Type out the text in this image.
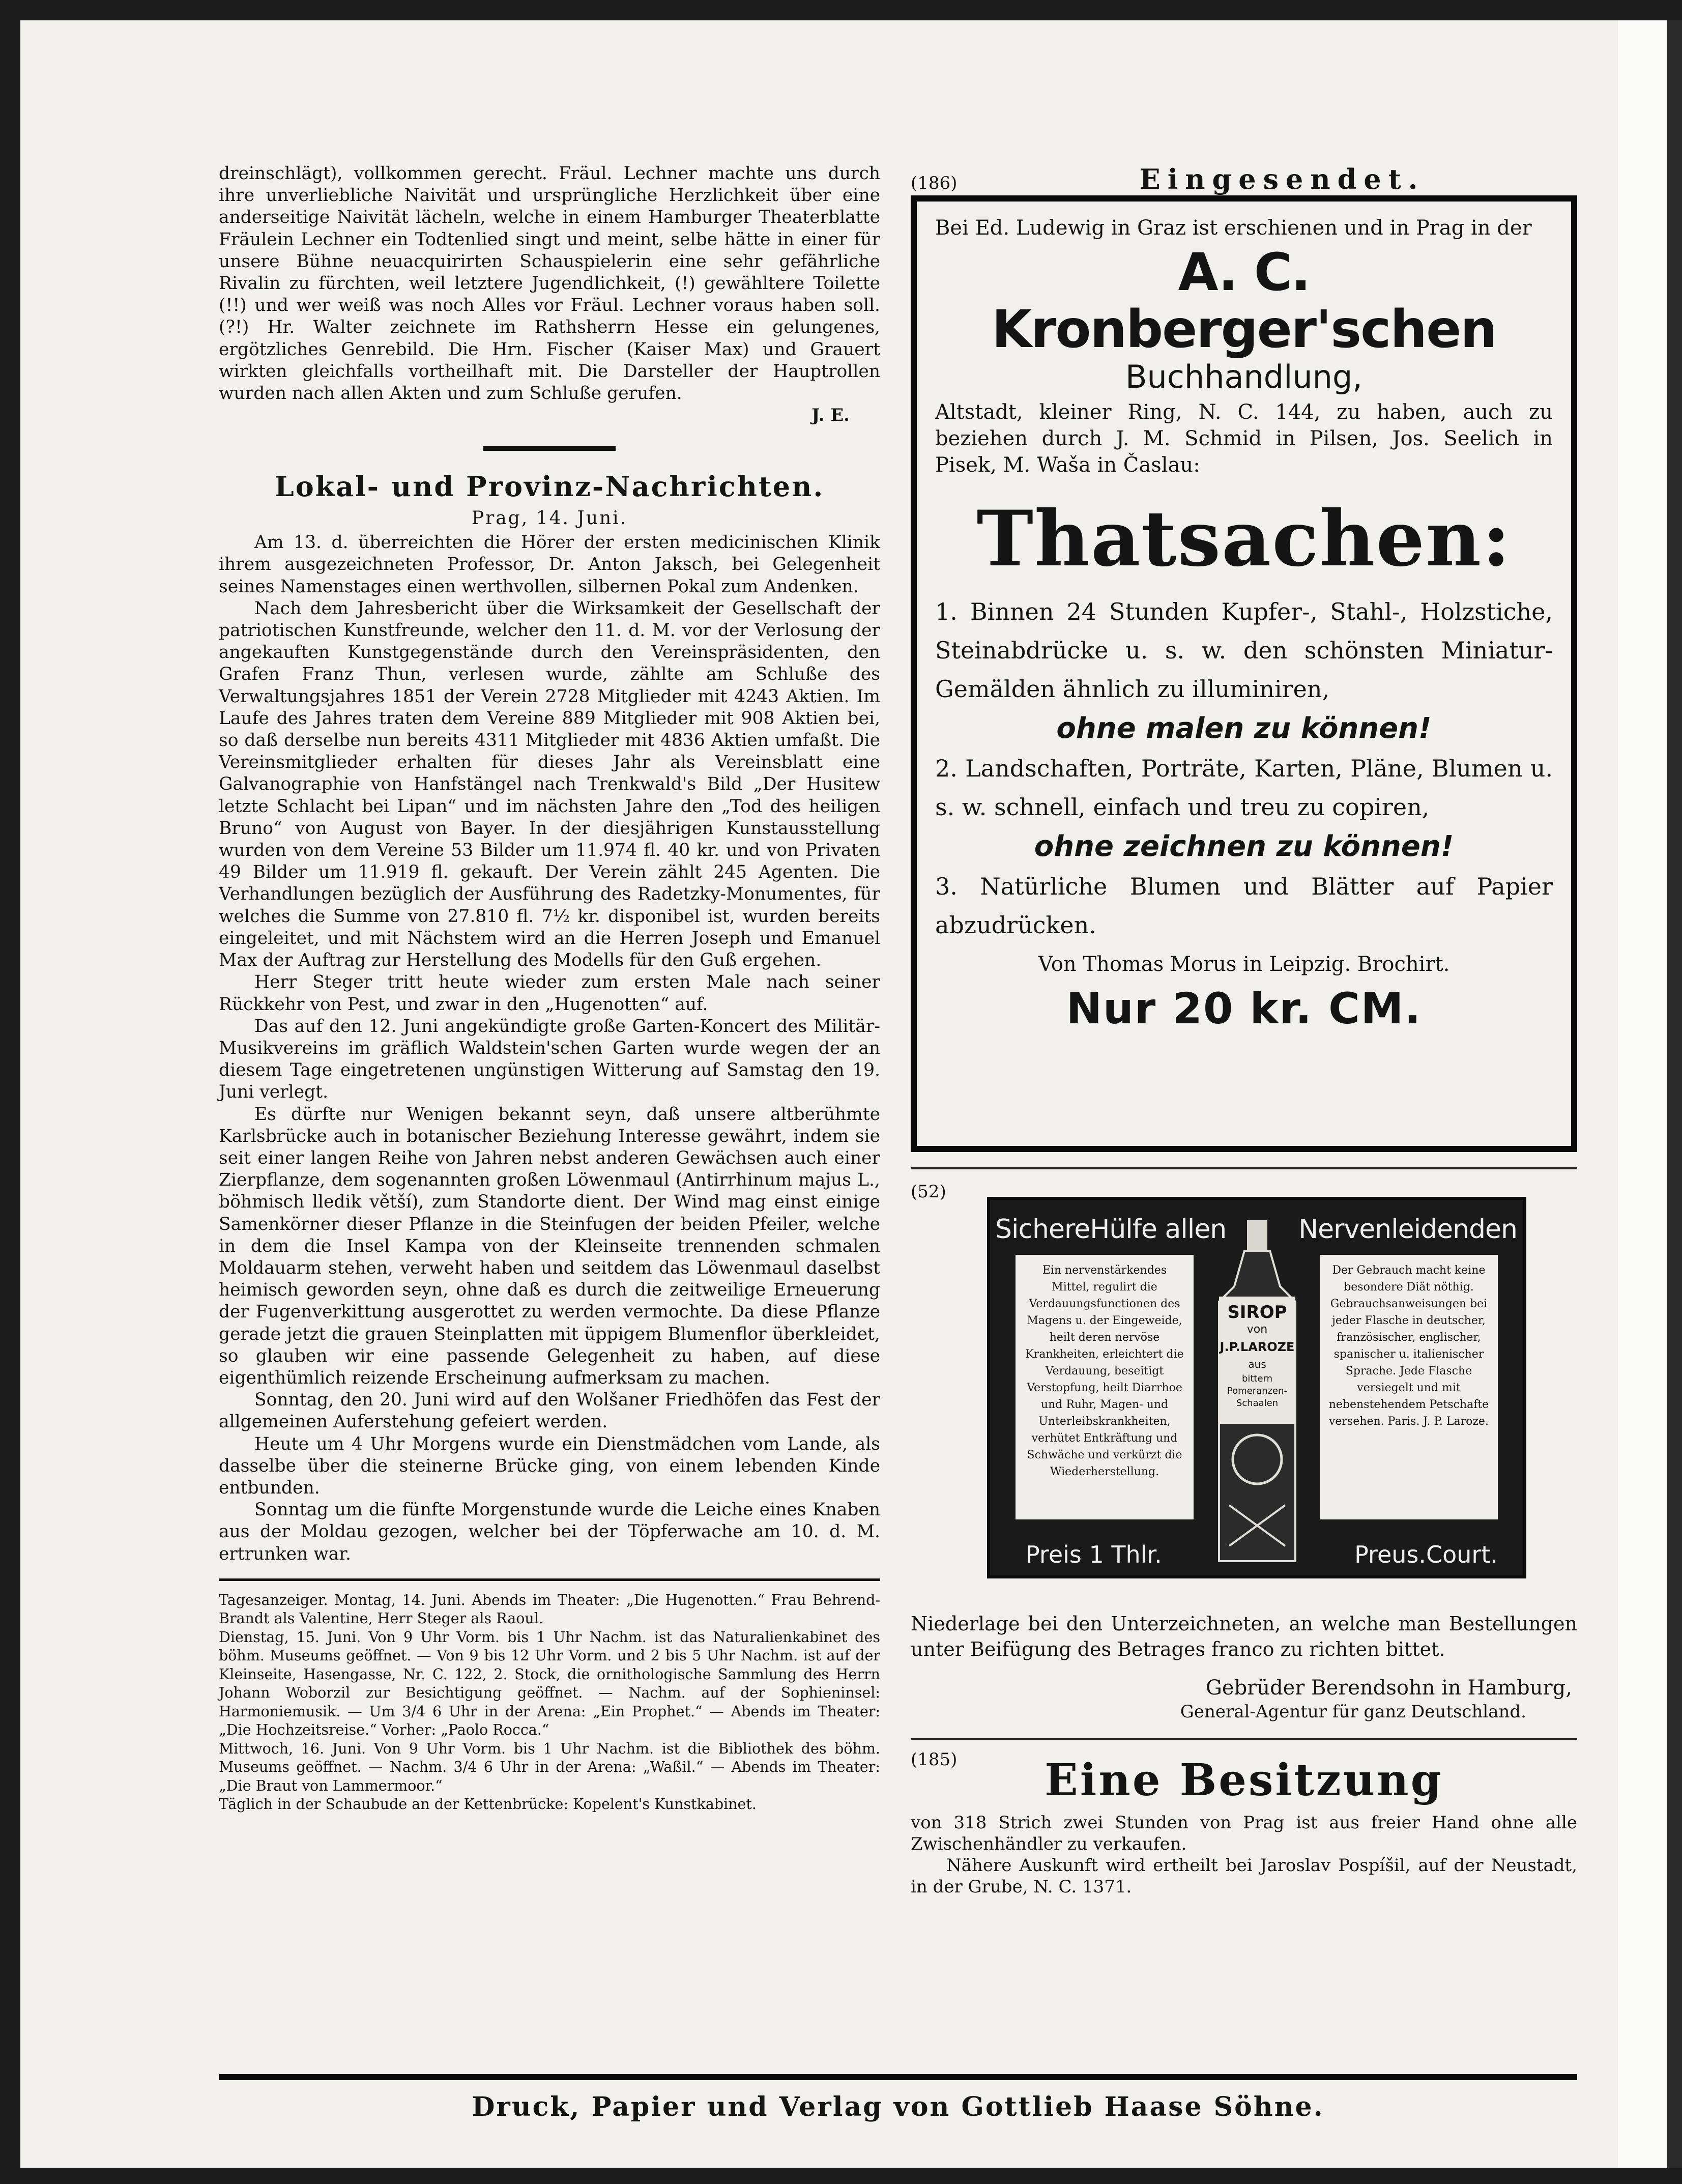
dreinschlägt), vollkommen gerecht. Fräul. Lechner machte uns durch ihre unverliebliche Naivität und ursprüngliche Herzlichkeit über eine anderseitige Naivität lächeln, welche in einem Hamburger Theaterblatte Fräulein Lechner ein Todtenlied singt und meint, selbe hätte in einer für unsere Bühne neuacquirirten Schauspielerin eine sehr gefährliche Rivalin zu fürchten, weil letztere Jugendlichkeit, (!) gewähltere Toilette (!!) und wer weiß was noch Alles vor Fräul. Lechner voraus haben soll. (?!) Hr. Walter zeichnete im Rathsherrn Hesse ein gelungenes, ergötzliches Genrebild. Die Hrn. Fischer (Kaiser Max) und Grauert wirkten gleichfalls vortheilhaft mit. Die Darsteller der Hauptrollen wurden nach allen Akten und zum Schluße gerufen.

J. E.

Lokal- und Provinz-Nachrichten.

Prag, 14. Juni.

Am 13. d. überreichten die Hörer der ersten medicinischen Klinik ihrem ausgezeichneten Professor, Dr. Anton Jaksch, bei Gelegenheit seines Namenstages einen werthvollen, silbernen Pokal zum Andenken.

Nach dem Jahresbericht über die Wirksamkeit der Gesellschaft der patriotischen Kunstfreunde, welcher den 11. d. M. vor der Verlosung der angekauften Kunstgegenstände durch den Vereinspräsidenten, den Grafen Franz Thun, verlesen wurde, zählte am Schluße des Verwaltungsjahres 1851 der Verein 2728 Mitglieder mit 4243 Aktien. Im Laufe des Jahres traten dem Vereine 889 Mitglieder mit 908 Aktien bei, so daß derselbe nun bereits 4311 Mitglieder mit 4836 Aktien umfaßt. Die Vereinsmitglieder erhalten für dieses Jahr als Vereinsblatt eine Galvanographie von Hanfstängel nach Trenkwald's Bild „Der Husitew letzte Schlacht bei Lipan“ und im nächsten Jahre den „Tod des heiligen Bruno“ von August von Bayer. In der diesjährigen Kunstausstellung wurden von dem Vereine 53 Bilder um 11.974 fl. 40 kr. und von Privaten 49 Bilder um 11.919 fl. gekauft. Der Verein zählt 245 Agenten. Die Verhandlungen bezüglich der Ausführung des Radetzky-Monumentes, für welches die Summe von 27.810 fl. 7½ kr. disponibel ist, wurden bereits eingeleitet, und mit Nächstem wird an die Herren Joseph und Emanuel Max der Auftrag zur Herstellung des Modells für den Guß ergehen.

Herr Steger tritt heute wieder zum ersten Male nach seiner Rückkehr von Pest, und zwar in den „Hugenotten“ auf.

Das auf den 12. Juni angekündigte große Garten-Koncert des Militär-Musikvereins im gräflich Waldstein'schen Garten wurde wegen der an diesem Tage eingetretenen ungünstigen Witterung auf Samstag den 19. Juni verlegt.

Es dürfte nur Wenigen bekannt seyn, daß unsere altberühmte Karlsbrücke auch in botanischer Beziehung Interesse gewährt, indem sie seit einer langen Reihe von Jahren nebst anderen Gewächsen auch einer Zierpflanze, dem sogenannten großen Löwenmaul (Antirrhinum majus L., böhmisch lledik větší), zum Standorte dient. Der Wind mag einst einige Samenkörner dieser Pflanze in die Steinfugen der beiden Pfeiler, welche in dem die Insel Kampa von der Kleinseite trennenden schmalen Moldauarm stehen, verweht haben und seitdem das Löwenmaul daselbst heimisch geworden seyn, ohne daß es durch die zeitweilige Erneuerung der Fugenverkittung ausgerottet zu werden vermochte. Da diese Pflanze gerade jetzt die grauen Steinplatten mit üppigem Blumenflor überkleidet, so glauben wir eine passende Gelegenheit zu haben, auf diese eigenthümlich reizende Erscheinung aufmerksam zu machen.

Sonntag, den 20. Juni wird auf den Wolšaner Friedhöfen das Fest der allgemeinen Auferstehung gefeiert werden.

Heute um 4 Uhr Morgens wurde ein Dienstmädchen vom Lande, als dasselbe über die steinerne Brücke ging, von einem lebenden Kinde entbunden.

Sonntag um die fünfte Morgenstunde wurde die Leiche eines Knaben aus der Moldau gezogen, welcher bei der Töpferwache am 10. d. M. ertrunken war.

Tagesanzeiger. Montag, 14. Juni. Abends im Theater: „Die Hugenotten.“ Frau Behrend-Brandt als Valentine, Herr Steger als Raoul.

Dienstag, 15. Juni. Von 9 Uhr Vorm. bis 1 Uhr Nachm. ist das Naturalienkabinet des böhm. Museums geöffnet. — Von 9 bis 12 Uhr Vorm. und 2 bis 5 Uhr Nachm. ist auf der Kleinseite, Hasengasse, Nr. C. 122, 2. Stock, die ornithologische Sammlung des Herrn Johann Woborzil zur Besichtigung geöffnet. — Nachm. auf der Sophieninsel: Harmoniemusik. — Um 3/4 6 Uhr in der Arena: „Ein Prophet.“ — Abends im Theater: „Die Hochzeitsreise.“ Vorher: „Paolo Rocca.“

Mittwoch, 16. Juni. Von 9 Uhr Vorm. bis 1 Uhr Nachm. ist die Bibliothek des böhm. Museums geöffnet. — Nachm. 3/4 6 Uhr in der Arena: „Waßil.“ — Abends im Theater: „Die Braut von Lammermoor.“

Täglich in der Schaubude an der Kettenbrücke: Kopelent's Kunstkabinet.

(186)	Eingesendet.

Bei Ed. Ludewig in Graz ist erschienen und in Prag in der

A. C. Kronberger'schen

Buchhandlung,

Altstadt, kleiner Ring, N. C. 144, zu haben, auch zu beziehen durch J. M. Schmid in Pilsen, Jos. Seelich in Pisek, M. Waša in Časlau:

Thatsachen:

1. Binnen 24 Stunden Kupfer-, Stahl-, Holzstiche, Steinabdrücke u. s. w. den schönsten Miniatur-Gemälden ähnlich zu illuminiren,

ohne malen zu können!

2. Landschaften, Porträte, Karten, Pläne, Blumen u. s. w. schnell, einfach und treu zu copiren,

ohne zeichnen zu können!

3. Natürliche Blumen und Blätter auf Papier abzudrücken.

Von Thomas Morus in Leipzig. Brochirt.

Nur 20 kr. CM.

(52)
SichereHülfe allen	Nervenleidenden
Ein nervenstärkendes Mittel, regulirt die Verdauungsfunctionen des Magens u. der Eingeweide, heilt deren nervöse Krankheiten, erleichtert die Verdauung, beseitigt Verstopfung, heilt Diarrhoe und Ruhr, Magen- und Unterleibskrankheiten, verhütet Entkräftung und Schwäche und verkürzt die Wiederherstellung.
Der Gebrauch macht keine besondere Diät nöthig. Gebrauchsanweisungen bei jeder Flasche in deutscher, französischer, englischer, spanischer u. italienischer Sprache. Jede Flasche versiegelt und mit nebenstehendem Petschafte versehen. Paris. J. P. Laroze.
SIROP
von
J.P.LAROZE
aus
bittern Pomeranzen-Schaalen
Preis 1 Thlr.	Preus.Court.

Niederlage bei den Unterzeichneten, an welche man Bestellungen unter Beifügung des Betrages franco zu richten bittet.

Gebrüder Berendsohn in Hamburg,

General-Agentur für ganz Deutschland.

(185)	Eine Besitzung

von 318 Strich zwei Stunden von Prag ist aus freier Hand ohne alle Zwischenhändler zu verkaufen.

Nähere Auskunft wird ertheilt bei Jaroslav Pospíšil, auf der Neustadt, in der Grube, N. C. 1371.

Druck, Papier und Verlag von Gottlieb Haase Söhne.
